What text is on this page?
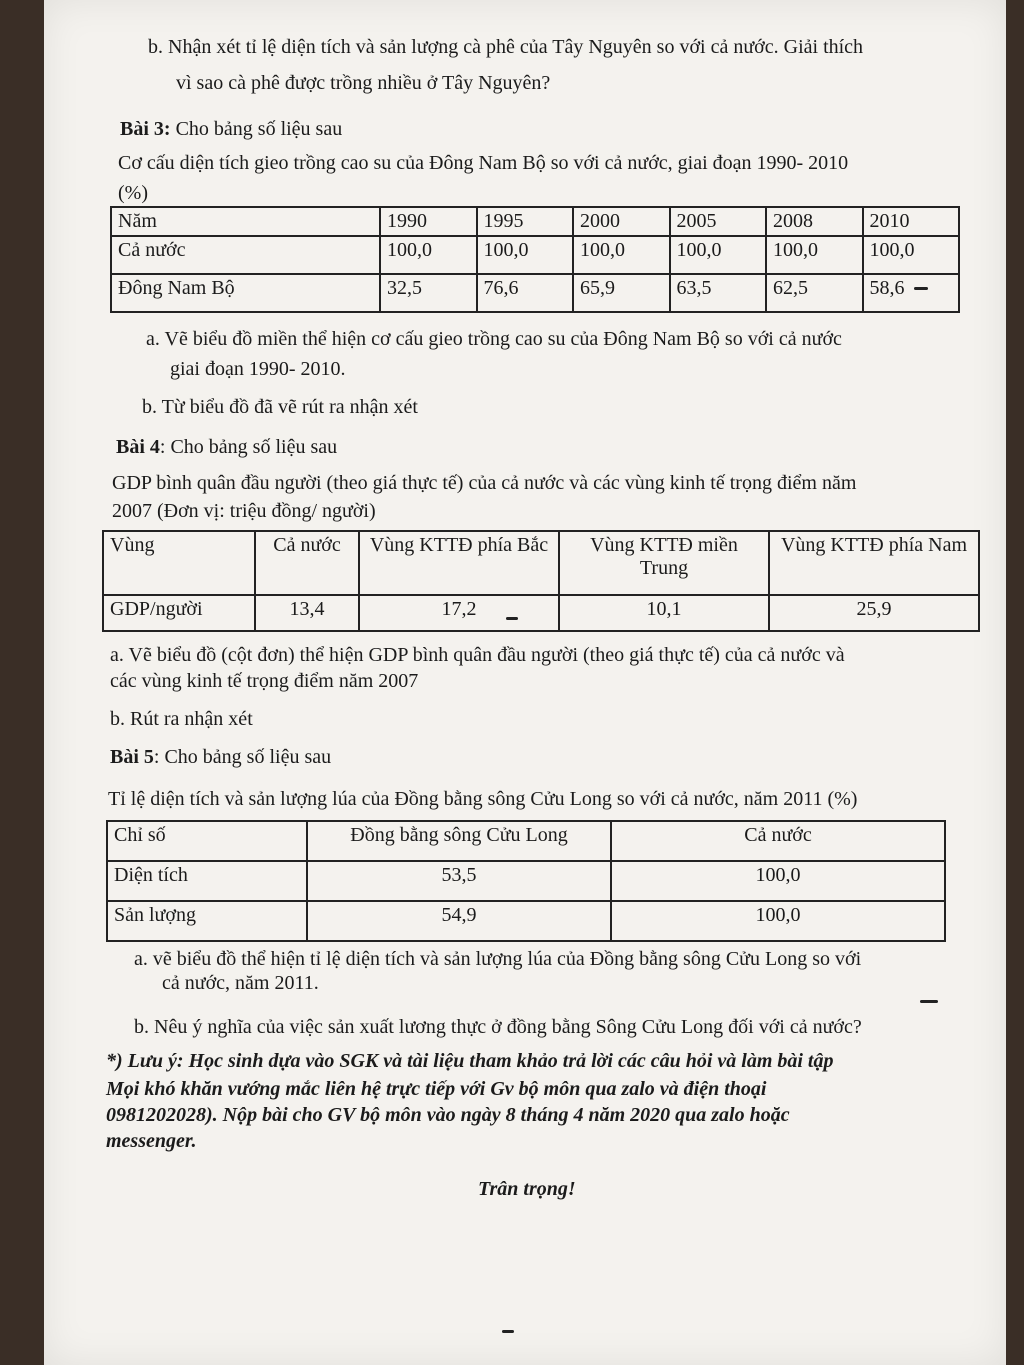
b. Nhận xét tỉ lệ diện tích và sản lượng cà phê của Tây Nguyên so với cả nước. Giải thích
vì sao cà phê được trồng nhiều ở Tây Nguyên?
Bài 3: Cho bảng số liệu sau
Cơ cấu diện tích gieo trồng cao su của Đông Nam Bộ so với cả nước, giai đoạn 1990- 2010
(%)
Năm	1990	1995	2000	2005	2008	2010
Cả nước	100,0	100,0	100,0	100,0	100,0	100,0
Đông Nam Bộ	32,5	76,6	65,9	63,5	62,5	58,6
a. Vẽ biểu đồ miền thể hiện cơ cấu gieo trồng cao su của Đông Nam Bộ so với cả nước
giai đoạn 1990- 2010.
b. Từ biểu đồ đã vẽ rút ra nhận xét
Bài 4: Cho bảng số liệu sau
GDP bình quân đầu người (theo giá thực tế) của cả nước và các vùng kinh tế trọng điểm năm
2007 (Đơn vị: triệu đồng/ người)
Vùng	Cả nước	Vùng KTTĐ phía Bắc	Vùng KTTĐ miền Trung	Vùng KTTĐ phía Nam
GDP/người	13,4	17,2	10,1	25,9
a. Vẽ biểu đồ (cột đơn) thể hiện GDP bình quân đầu người (theo giá thực tế) của cả nước và
các vùng kinh tế trọng điểm năm 2007
b. Rút ra nhận xét
Bài 5: Cho bảng số liệu sau
Tỉ lệ diện tích và sản lượng lúa của Đồng bằng sông Cửu Long so với cả nước, năm 2011 (%)
Chỉ số	Đồng bằng sông Cửu Long	Cả nước
Diện tích	53,5	100,0
Sản lượng	54,9	100,0
a. vẽ biểu đồ thể hiện tỉ lệ diện tích và sản lượng lúa của Đồng bằng sông Cửu Long so với
cả nước, năm 2011.
b. Nêu ý nghĩa của việc sản xuất lương thực ở đồng bằng Sông Cửu Long đối với cả nước?
*) Lưu ý: Học sinh dựa vào SGK và tài liệu tham khảo trả lời các câu hỏi và làm bài tập
Mọi khó khăn vướng mắc liên hệ trực tiếp với Gv bộ môn qua zalo và điện thoại
0981202028). Nộp bài cho GV bộ môn vào ngày 8 tháng 4 năm 2020 qua zalo hoặc
messenger.
Trân trọng!
